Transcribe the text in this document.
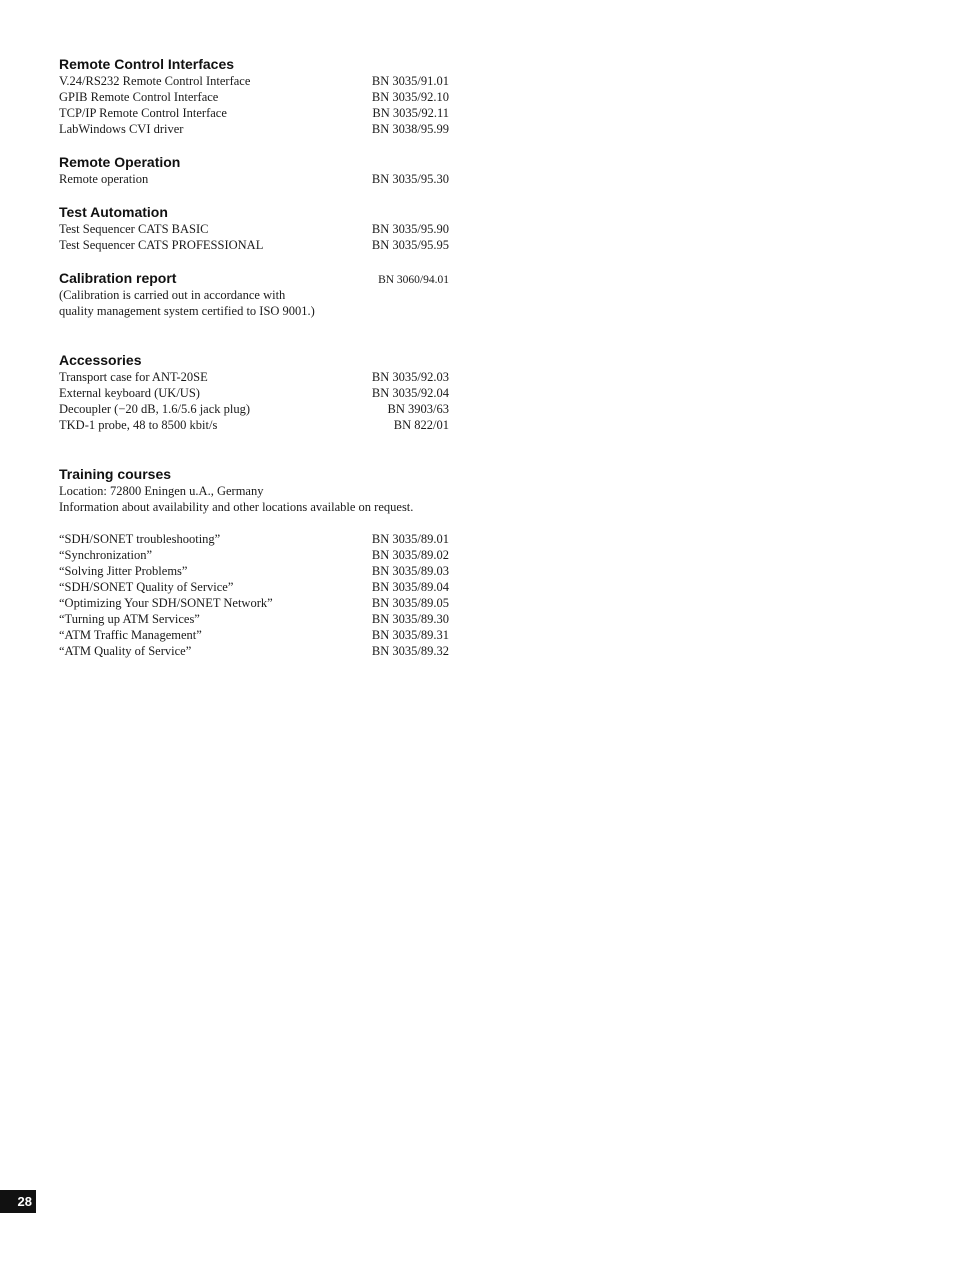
Remote Control Interfaces
V.24/RS232 Remote Control Interface	BN 3035/91.01
GPIB Remote Control Interface	BN 3035/92.10
TCP/IP Remote Control Interface	BN 3035/92.11
LabWindows CVI driver	BN 3038/95.99
Remote Operation
Remote operation	BN 3035/95.30
Test Automation
Test Sequencer CATS BASIC	BN 3035/95.90
Test Sequencer CATS PROFESSIONAL	BN 3035/95.95
Calibration report	BN 3060/94.01
(Calibration is carried out in accordance with
quality management system certified to ISO 9001.)
Accessories
Transport case for ANT-20SE	BN 3035/92.03
External keyboard (UK/US)	BN 3035/92.04
Decoupler (−20 dB, 1.6/5.6 jack plug)	BN 3903/63
TKD-1 probe, 48 to 8500 kbit/s	BN 822/01
Training courses
Location: 72800 Eningen u.A., Germany
Information about availability and other locations available on request.
“SDH/SONET troubleshooting”	BN 3035/89.01
“Synchronization”	BN 3035/89.02
“Solving Jitter Problems”	BN 3035/89.03
“SDH/SONET Quality of Service”	BN 3035/89.04
“Optimizing Your SDH/SONET Network”	BN 3035/89.05
“Turning up ATM Services”	BN 3035/89.30
“ATM Traffic Management”	BN 3035/89.31
“ATM Quality of Service”	BN 3035/89.32
28
